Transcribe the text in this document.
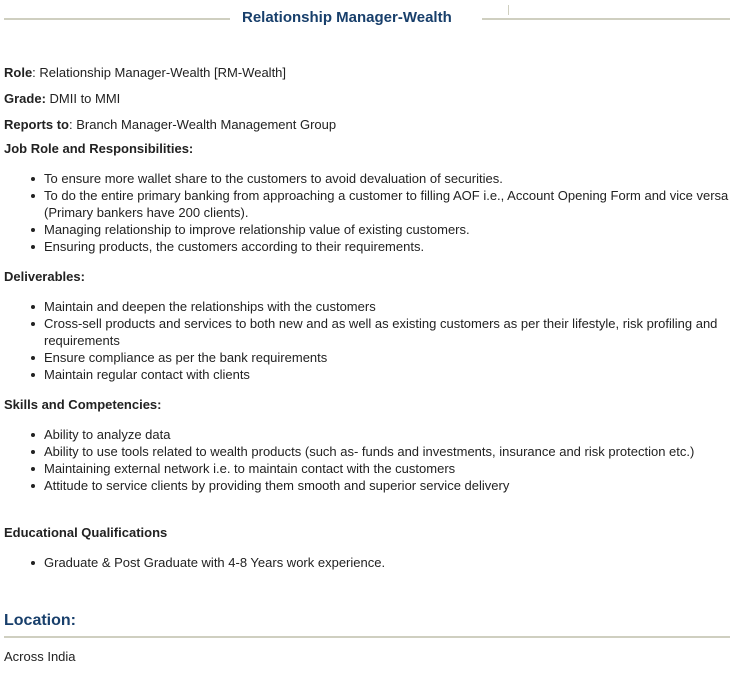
Relationship Manager-Wealth
Role: Relationship Manager-Wealth [RM-Wealth]
Grade: DMII to MMI
Reports to: Branch Manager-Wealth Management Group
Job Role and Responsibilities:
To ensure more wallet share to the customers to avoid devaluation of securities.
To do the entire primary banking from approaching a customer to filling AOF i.e., Account Opening Form and vice versa (Primary bankers have 200 clients).
Managing relationship to improve relationship value of existing customers.
Ensuring products, the customers according to their requirements.
Deliverables:
Maintain and deepen the relationships with the customers
Cross-sell products and services to both new and as well as existing customers as per their lifestyle, risk profiling and requirements
Ensure compliance as per the bank requirements
Maintain regular contact with clients
Skills and Competencies:
Ability to analyze data
Ability to use tools related to wealth products (such as- funds and investments, insurance and risk protection etc.)
Maintaining external network i.e. to maintain contact with the customers
Attitude to service clients by providing them smooth and superior service delivery
Educational Qualifications
Graduate & Post Graduate with 4-8 Years work experience.
Location:
Across India
